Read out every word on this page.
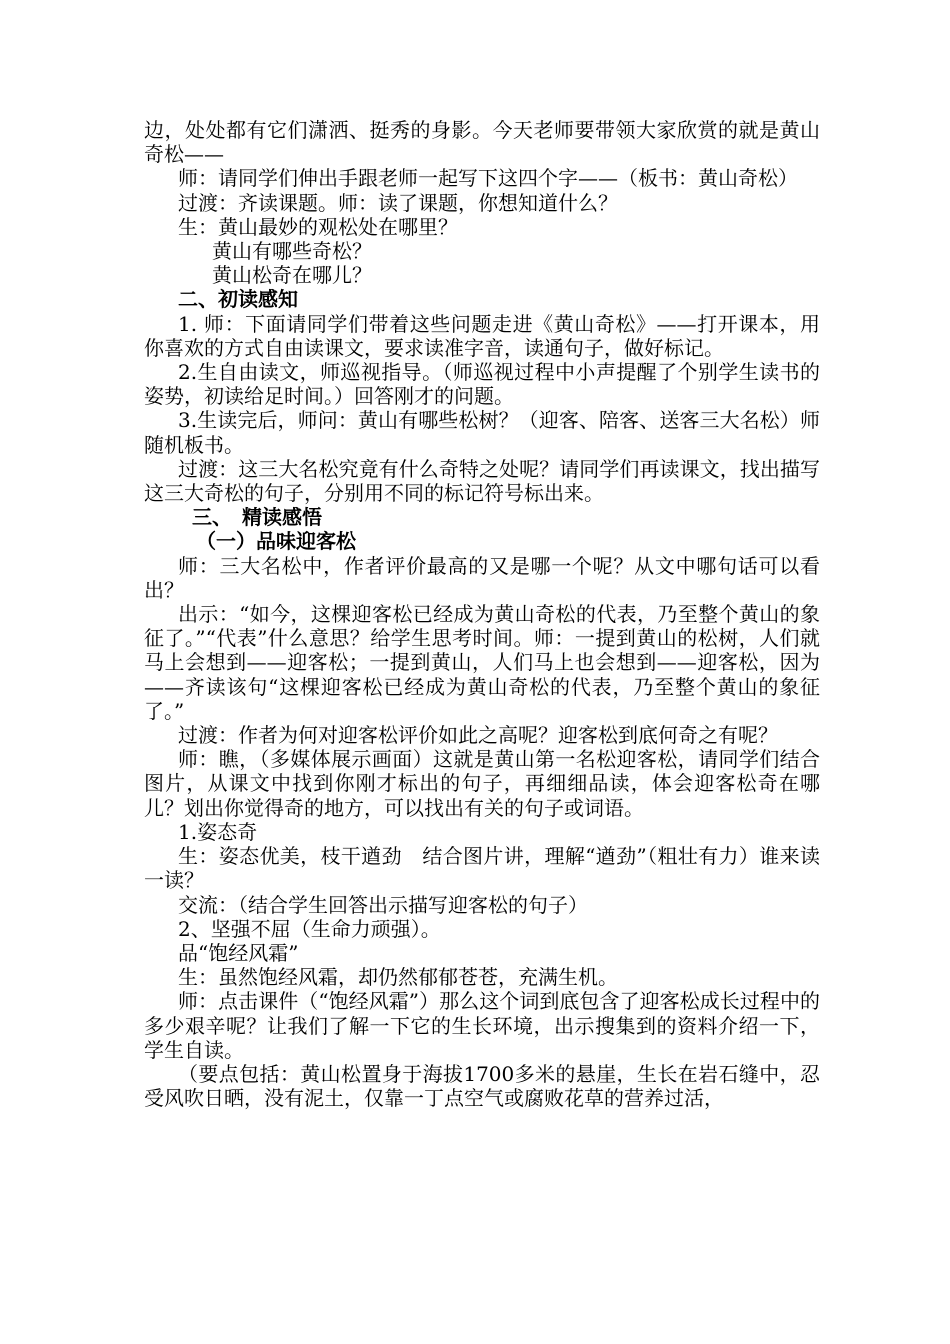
边，处处都有它们潇洒、挺秀的身影。今天老师要带领大家欣赏的就是黄山奇松——

师：请同学们伸出手跟老师一起写下这四个字——（板书：黄山奇松）

过渡：齐读课题。师：读了课题，你想知道什么？

生：黄山最妙的观松处在哪里？

黄山有哪些奇松？

黄山松奇在哪儿？

二、初读感知

1. 师：下面请同学们带着这些问题走进《黄山奇松》——打开课本，用你喜欢的方式自由读课文，要求读准字音，读通句子，做好标记。

2.生自由读文，师巡视指导。（师巡视过程中小声提醒了个别学生读书的姿势，初读给足时间。）回答刚才的问题。

3.生读完后，师问：黄山有哪些松树？（迎客、陪客、送客三大名松）师随机板书。

过渡：这三大名松究竟有什么奇特之处呢？请同学们再读课文，找出描写这三大奇松的句子，分别用不同的标记符号标出来。

三、　精读感悟

（一）品味迎客松

师：三大名松中，作者评价最高的又是哪一个呢？从文中哪句话可以看出？

出示：“如今，这棵迎客松已经成为黄山奇松的代表，乃至整个黄山的象征了。”“代表”什么意思？给学生思考时间。师：一提到黄山的松树，人们就马上会想到——迎客松；一提到黄山，人们马上也会想到——迎客松，因为——齐读该句“这棵迎客松已经成为黄山奇松的代表，乃至整个黄山的象征了。”

过渡：作者为何对迎客松评价如此之高呢？迎客松到底何奇之有呢？

师：瞧，（多媒体展示画面）这就是黄山第一名松迎客松，请同学们结合图片，从课文中找到你刚才标出的句子，再细细品读，体会迎客松奇在哪儿？划出你觉得奇的地方，可以找出有关的句子或词语。

1.姿态奇

生：姿态优美，枝干遒劲　结合图片讲，理解“遒劲”（粗壮有力）谁来读一读？

交流：（结合学生回答出示描写迎客松的句子）

2、坚强不屈（生命力顽强）。

品“饱经风霜”

生：虽然饱经风霜，却仍然郁郁苍苍，充满生机。

师：点击课件（“饱经风霜”）那么这个词到底包含了迎客松成长过程中的多少艰辛呢？让我们了解一下它的生长环境，出示搜集到的资料介绍一下，学生自读。

（要点包括：黄山松置身于海拔1700多米的悬崖，生长在岩石缝中，忍受风吹日晒，没有泥土，仅靠一丁点空气或腐败花草的营养过活，
